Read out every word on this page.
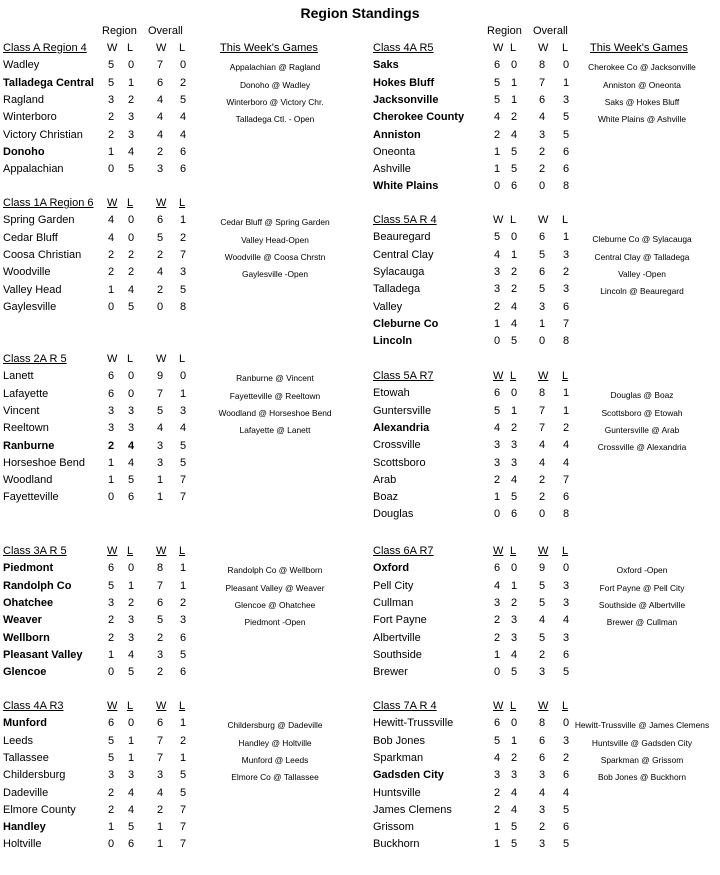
Region Standings
Region Overall	Region Overall
Class A Region 4 W L W L	This Week's Games
Wadley	5 0 7 0
Talladega Central 5 1 6 2
Ragland	3 2 4 5
Winterboro	2 3 4 4
Victory Christian 2 3 4 4
Donoho	1 4 2 6
Appalachian	0 5 3 6
Appalachian @ Ragland
Donoho @ Wadley
Winterboro @ Victory Chr.
Talladega Ctl. - Open
Class 1A Region 6 W L W L
Spring Garden	4 0 6 1
Cedar Bluff	4 0 5 2
Coosa Christian 2 2 2 7
Woodville	2 2 4 3
Valley Head	1 4 2 5
Gaylesville	0 5 0 8
Cedar Bluff @ Spring Garden
Valley Head-Open
Woodville @ Coosa Chrstn
Gaylesville -Open
Class 2A R 5	W L W L
Lanett	6 0 9 0
Lafayette	6 0 7 1
Vincent	3 3 5 3
Reeltown	3 3 4 4
Ranburne	2 4 3 5
Horseshoe Bend 1 4 3 5
Woodland	1 5 1 7
Fayetteville	0 6 1 7
Ranburne @ Vincent
Fayetteville @ Reeltown
Woodland @ Horseshoe Bend
Lafayette @ Lanett
Class 3A R 5	W L W L
Piedmont	6 0 8 1
Randolph Co	5 1 7 1
Ohatchee	3 2 6 2
Weaver	2 3 5 3
Wellborn	2 3 2 6
Pleasant Valley 1 4 3 5
Glencoe	0 5 2 6
Randolph Co @ Wellborn
Pleasant Valley @ Weaver
Glencoe @ Ohatchee
Piedmont -Open
Class 4A R3	W L W L
Munford	6 0 6 1
Leeds	5 1 7 2
Tallassee	5 1 7 1
Childersburg	3 3 3 5
Dadeville	2 4 4 5
Elmore County	2 4 2 7
Handley	1 5 1 7
Holtville	0 6 1 7
Childersburg @ Dadeville
Handley @ Holtville
Munford @ Leeds
Elmore Co @ Tallassee
Class 4A R5	W L W L This Week's Games
Saks	6 0 8 0
Hokes Bluff	5 1 7 1
Jacksonville	5 1 6 3
Cherokee County	4 2 4 5
Anniston	2 4 3 5
Oneonta	1 5 2 6
Ashville	1 5 2 6
White Plains	0 6 0 8
Cherokee Co @ Jacksonville
Anniston @ Oneonta
Saks @ Hokes Bluff
White Plains @ Ashville
Class 5A R 4	W L W L
Beauregard	5 0 6 1
Central Clay	4 1 5 3
Sylacauga	3 2 6 2
Talladega	3 2 5 3
Valley	2 4 3 6
Cleburne Co	1 4 1 7
Lincoln	0 5 0 8
Cleburne Co @ Sylacauga
Central Clay @ Talladega
Valley -Open
Lincoln @ Beauregard
Class 5A R7	W L W L
Etowah	6 0 8 1
Guntersville	5 1 7 1
Alexandria	4 2 7 2
Crossville	3 3 4 4
Scottsboro	3 3 4 4
Arab	2 4 2 7
Boaz	1 5 2 6
Douglas	0 6 0 8
Douglas @ Boaz
Scottsboro @ Etowah
Guntersville @ Arab
Crossville @ Alexandria
Class 6A R7	W L W L
Oxford	6 0 9 0
Pell City	4 1 5 3
Cullman	3 2 5 3
Fort Payne	2 3 4 4
Albertville	2 3 5 3
Southside	1 4 2 6
Brewer	0 5 3 5
Oxford -Open
Fort Payne @ Pell City
Southside @ Albertville
Brewer @ Cullman
Class 7A R 4	W L W L
Hewitt-Trussville	6 0 8 0
Bob Jones	5 1 6 3
Sparkman	4 2 6 2
Gadsden City	3 3 3 6
Huntsville	2 4 4 4
James Clemens	2 4 3 5
Grissom	1 5 2 6
Buckhorn	1 5 3 5
Hewitt-Trussville @ James Clemens
Huntsville @ Gadsden City
Sparkman @ Grissom
Bob Jones @ Buckhorn
